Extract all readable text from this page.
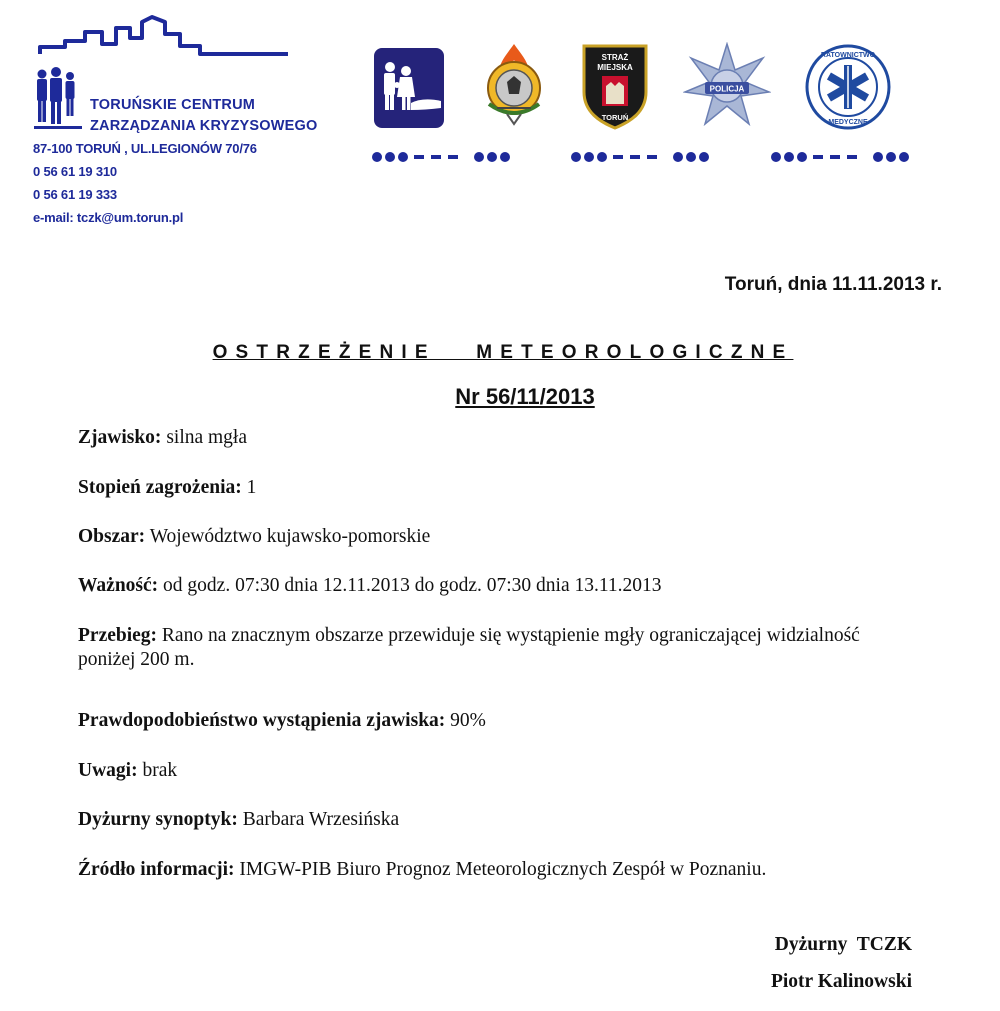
TORUŃSKIE CENTRUM
ZARZĄDZANIA KRYZYSOWEGO
87-100 TORUŃ , UL.LEGIONÓW 70/76
0 56 61 19 310
0 56 61 19 333
e-mail: tczk@um.torun.pl
STRAŻ
MIEJSKA
TORUŃ
POLICJA
RATOWNICTWO
MEDYCZNE
Toruń, dnia 11.11.2013 r.
OSTRZEŻENIE   METEOROLOGICZNE
Nr 56/11/2013
Zjawisko: silna mgła
Stopień zagrożenia: 1
Obszar: Województwo kujawsko-pomorskie
Ważność: od godz. 07:30 dnia 12.11.2013 do godz. 07:30 dnia 13.11.2013
Przebieg: Rano na znacznym obszarze przewiduje się wystąpienie mgły ograniczającej widzialność poniżej 200 m.
Prawdopodobieństwo wystąpienia zjawiska: 90%
Uwagi: brak
Dyżurny synoptyk: Barbara Wrzesińska
Źródło informacji: IMGW-PIB Biuro Prognoz Meteorologicznych Zespół w Poznaniu.
Dyżurny  TCZK
Piotr Kalinowski
